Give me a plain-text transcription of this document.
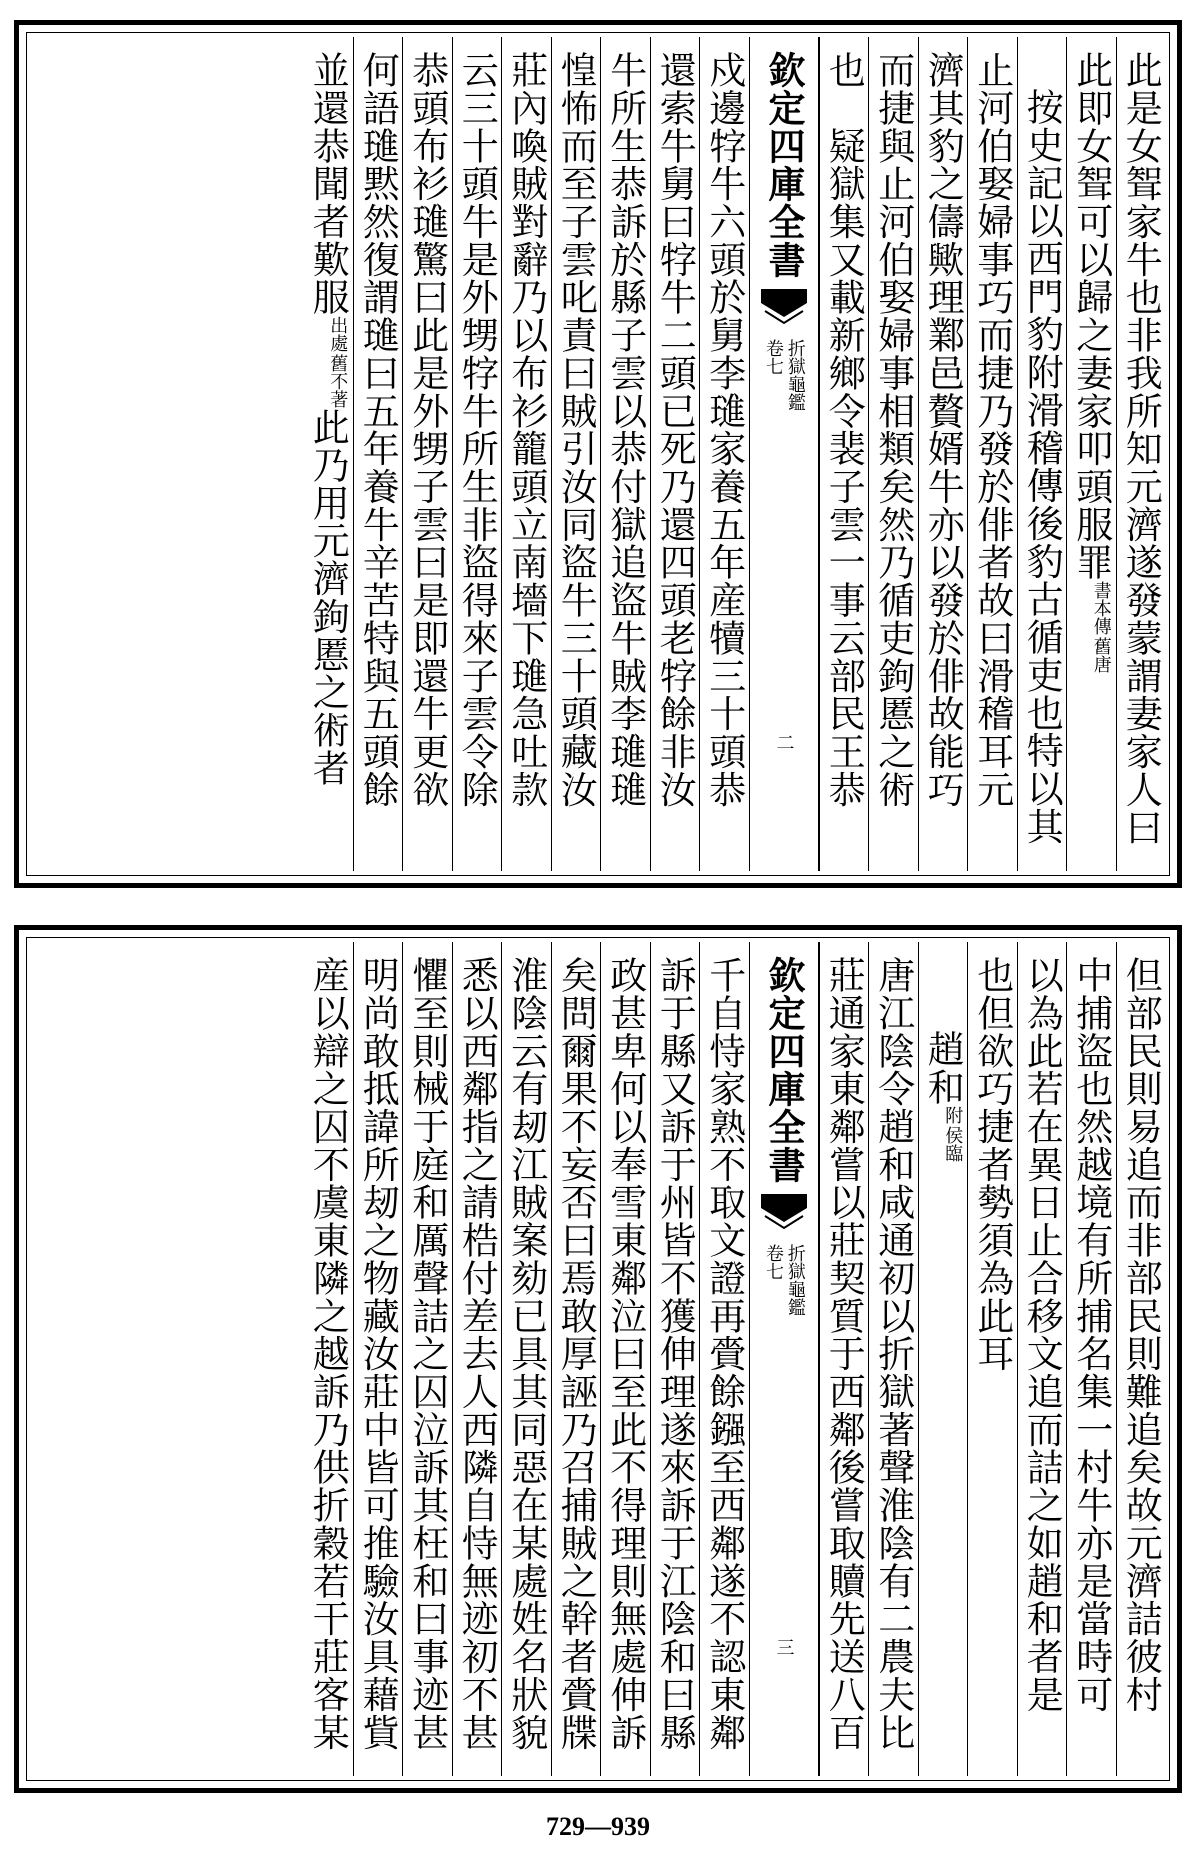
此是女聟家牛也非我所知元濟遂發蒙謂妻家人曰
此即女聟可以歸之妻家叩頭服罪
舊唐
書本傳
按史記以西門豹附滑稽傳後豹古循吏也特以其
止河伯娶婦事巧而捷乃發於俳者故曰滑稽耳元
濟其豹之儔歟理鄴邑贅婿牛亦以發於俳故能巧
而捷與止河伯娶婦事相類矣然乃循吏鉤慝之術
也　疑獄集又載新鄉令裴子雲一事云部民王恭
欽定四庫全書
折獄龜鑑
卷七
二
戍邊牸牛六頭於舅李璡家養五年産犢三十頭恭
還索牛舅曰牸牛二頭已死乃還四頭老牸餘非汝
牛所生恭訴於縣子雲以恭付獄追盜牛賊李璡璡
惶怖而至子雲叱責曰賊引汝同盜牛三十頭藏汝
莊內喚賊對辭乃以布衫籠頭立南墻下璡急吐款
云三十頭牛是外甥牸牛所生非盜得來子雲令除
恭頭布衫璡驚曰此是外甥子雲曰是即還牛更欲
何語璡黙然復謂璡曰五年養牛辛苦特與五頭餘
並還恭聞者歎服
舊不著
出處
此乃用元濟鉤慝之術者
但部民則易追而非部民則難追矣故元濟詰彼村
中捕盜也然越境有所捕名集一村牛亦是當時可
以為此若在異日止合移文追而詰之如趙和者是
也但欲巧捷者勢須為此耳
趙和
侯臨
附
唐江陰令趙和咸通初以折獄著聲淮陰有二農夫比
莊通家東鄰嘗以莊契質于西鄰後嘗取贖先送八百
欽定四庫全書
折獄龜鑑
卷七
三
千自恃家熟不取文證再賫餘鏹至西鄰遂不認東鄰
訴于縣又訴于州皆不獲伸理遂來訴于江陰和曰縣
政甚卑何以奉雪東鄰泣曰至此不得理則無處伸訴
矣問爾果不妄否曰焉敢厚誣乃召捕賊之幹者賫牒
淮陰云有刼江賊案劾已具其同惡在某處姓名狀貌
悉以西鄰指之請梏付差去人西隣自恃無迹初不甚
懼至則械于庭和厲聲詰之囚泣訴其枉和曰事迹甚
明尚敢抵諱所刼之物藏汝莊中皆可推驗汝具藉貲
産以辯之囚不虞東隣之越訴乃供折穀若干莊客某
729—939
